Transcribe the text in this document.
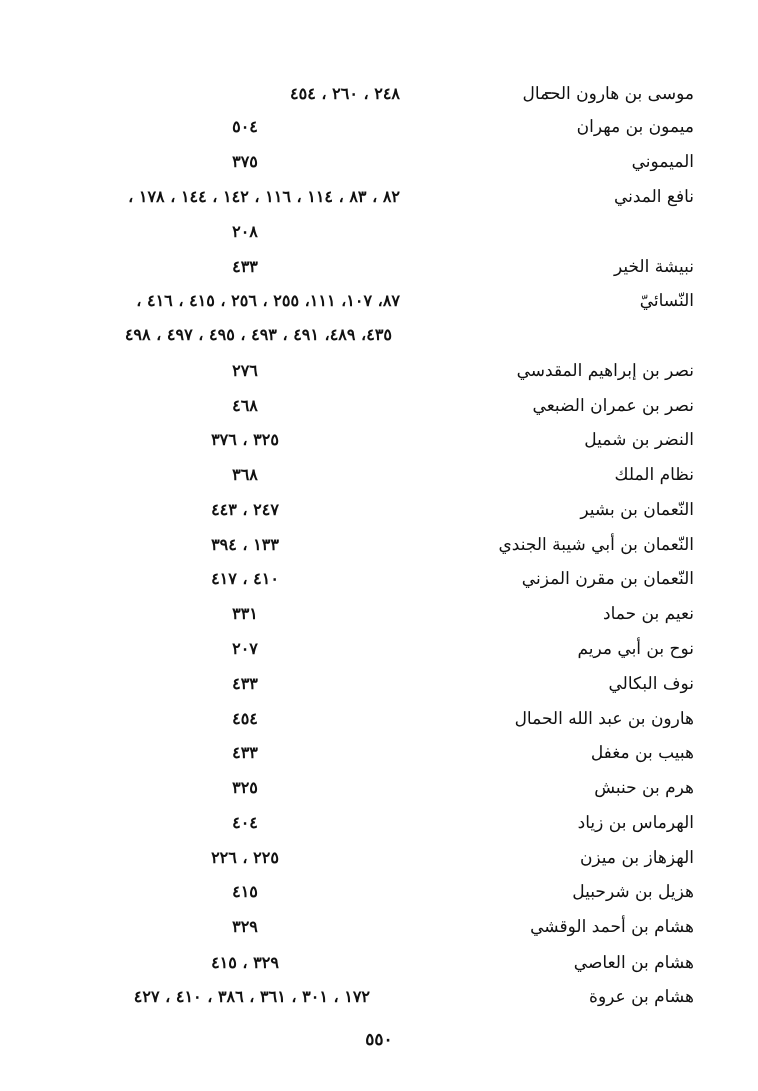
موسى بن هارون الحمال
٢٤٨ ، ٢٦٠ ، ٤٥٤
ميمون بن مهران
٥٠٤
الميموني
٣٧٥
نافع المدني
٨٢ ، ٨٣ ، ١١٤ ، ١١٦ ، ١٤٢ ، ١٤٤ ، ١٧٨ ،
٢٠٨
نبيشة الخير
٤٣٣
النّسائيّ
٨٧، ١٠٧، ١١١، ٢٥٥ ، ٢٥٦ ، ٤١٥ ، ٤١٦ ،
٤٣٥، ٤٨٩، ٤٩١ ، ٤٩٣ ، ٤٩٥ ، ٤٩٧ ، ٤٩٨
نصر بن إبراهيم المقدسي
٢٧٦
نصر بن عمران الضبعي
٤٦٨
النضر بن شميل
٣٢٥ ، ٣٧٦
نظام الملك
٣٦٨
النّعمان بن بشير
٢٤٧ ، ٤٤٣
النّعمان بن أبي شيبة الجندي
١٣٣ ، ٣٩٤
النّعمان بن مقرن المزني
٤١٠ ، ٤١٧
نعيم بن حماد
٣٣١
نوح بن أبي مريم
٢٠٧
نوف البكالي
٤٣٣
هارون بن عبد الله الحمال
٤٥٤
هبيب بن مغفل
٤٣٣
هرم بن حنبش
٣٢٥
الهرماس بن زياد
٤٠٤
الهزهاز بن ميزن
٢٢٥ ، ٢٢٦
هزيل بن شرحبيل
٤١٥
هشام بن أحمد الوقشي
٣٢٩
هشام بن العاصي
٣٢٩ ، ٤١٥
هشام بن عروة
١٧٢ ، ٣٠١ ، ٣٦١ ، ٣٨٦ ، ٤١٠ ، ٤٢٧
٥٥٠
